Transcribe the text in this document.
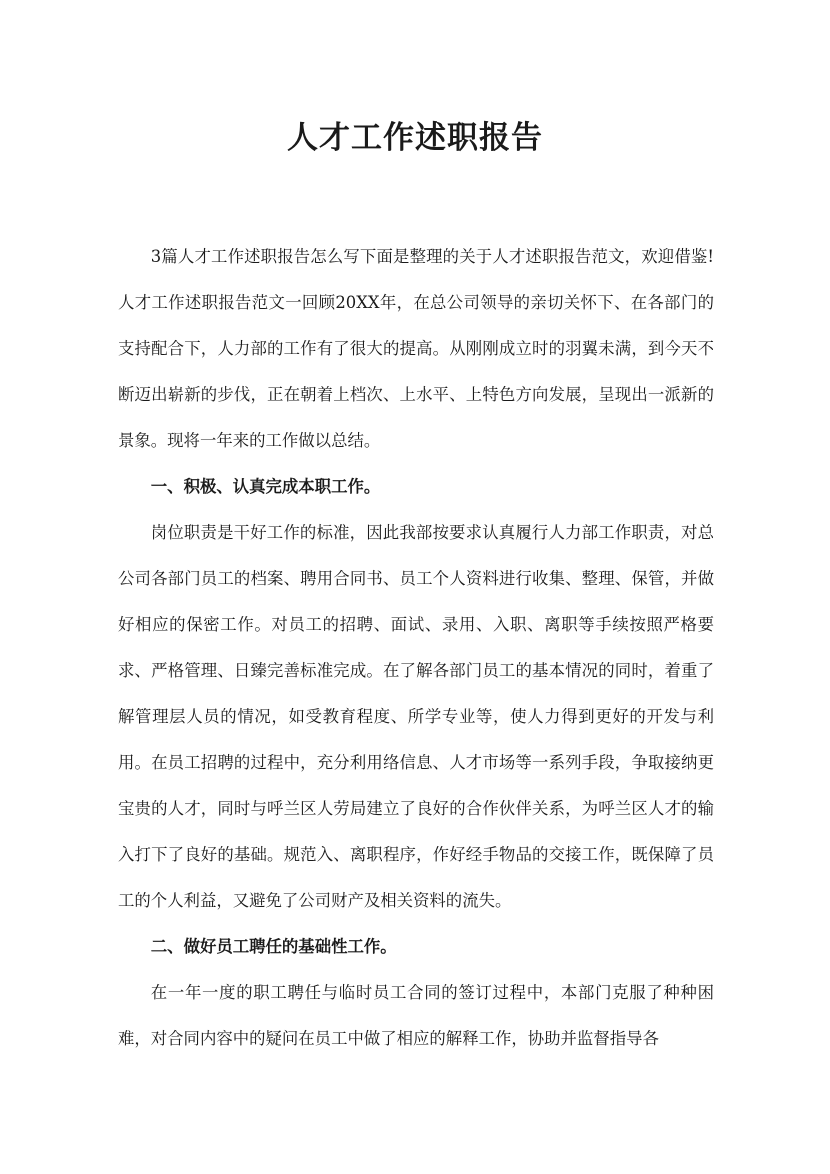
人才工作述职报告

3篇人才工作述职报告怎么写下面是整理的关于人才述职报告范文，欢迎借鉴!人才工作述职报告范文一回顾20XX年，在总公司领导的亲切关怀下、在各部门的支持配合下，人力部的工作有了很大的提高。从刚刚成立时的羽翼未满，到今天不断迈出崭新的步伐，正在朝着上档次、上水平、上特色方向发展，呈现出一派新的景象。现将一年来的工作做以总结。

一、积极、认真完成本职工作。

岗位职责是干好工作的标准，因此我部按要求认真履行人力部工作职责，对总公司各部门员工的档案、聘用合同书、员工个人资料进行收集、整理、保管，并做好相应的保密工作。对员工的招聘、面试、录用、入职、离职等手续按照严格要求、严格管理、日臻完善标准完成。在了解各部门员工的基本情况的同时，着重了解管理层人员的情况，如受教育程度、所学专业等，使人力得到更好的开发与利用。在员工招聘的过程中，充分利用络信息、人才市场等一系列手段，争取接纳更宝贵的人才，同时与呼兰区人劳局建立了良好的合作伙伴关系，为呼兰区人才的输入打下了良好的基础。规范入、离职程序，作好经手物品的交接工作，既保障了员工的个人利益，又避免了公司财产及相关资料的流失。

二、做好员工聘任的基础性工作。

在一年一度的职工聘任与临时员工合同的签订过程中，本部门克服了种种困难，对合同内容中的疑问在员工中做了相应的解释工作，协助并监督指导各
